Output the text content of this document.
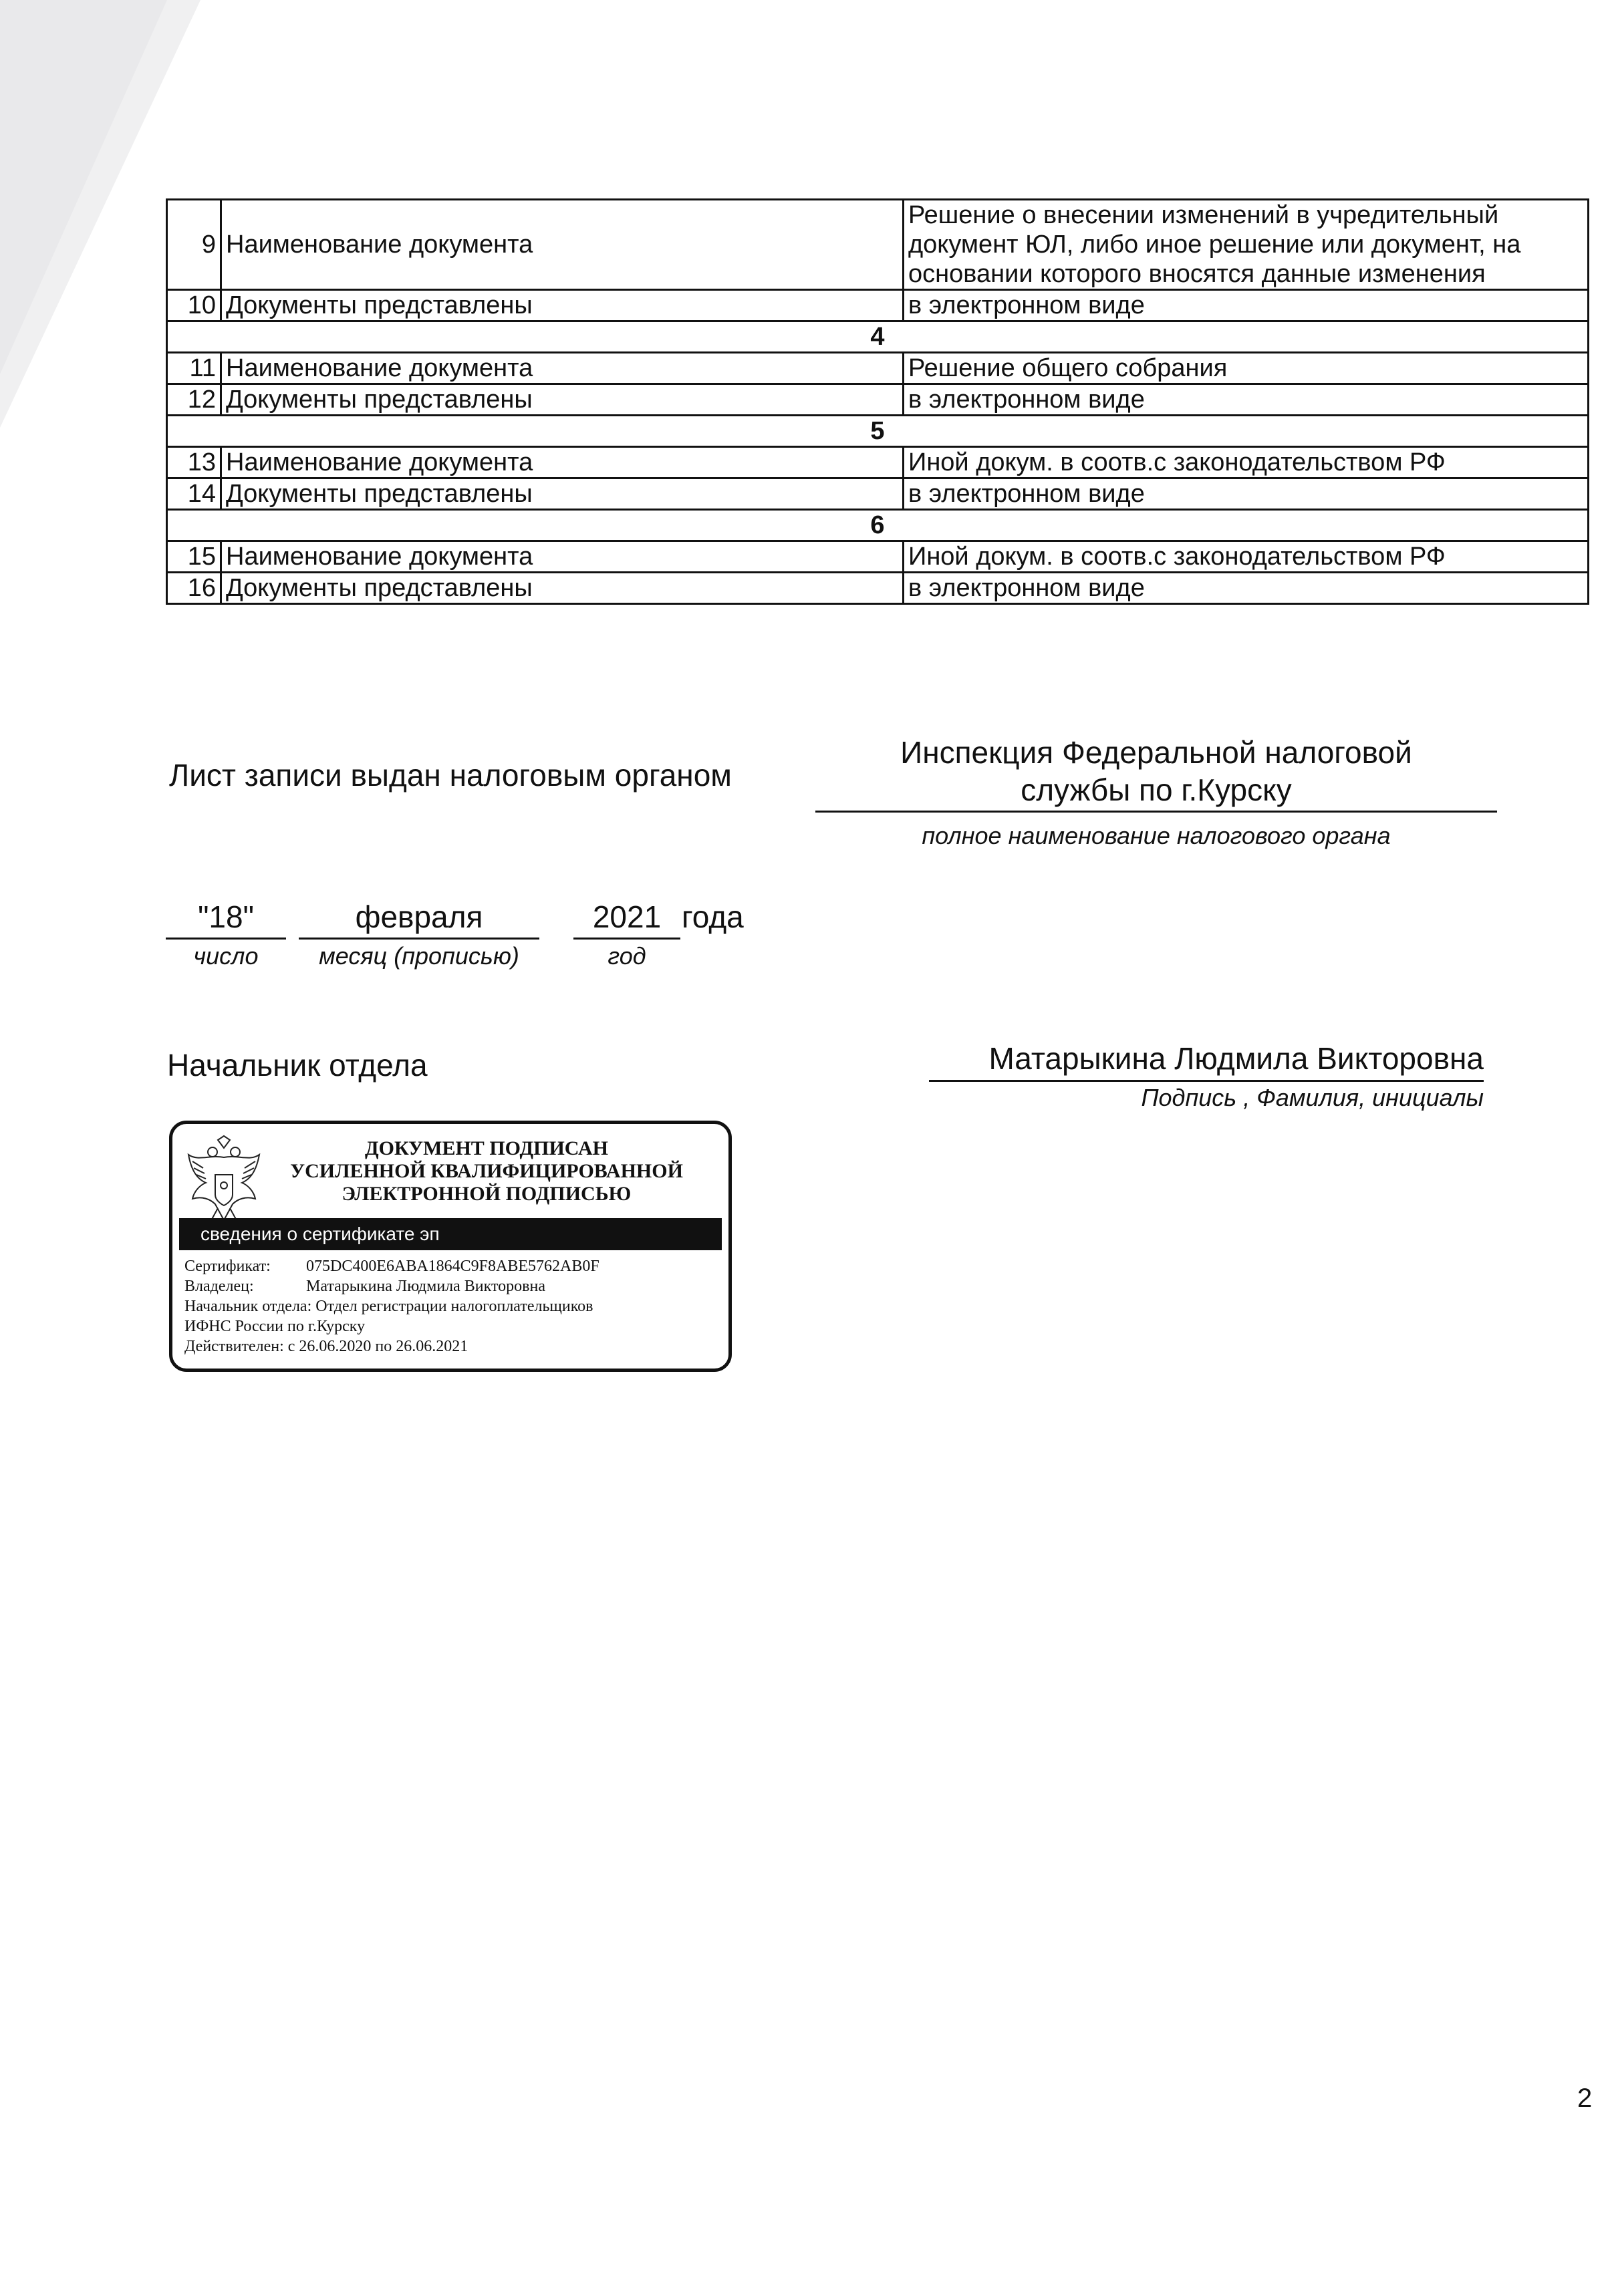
9	Наименование документа	Решение о внесении изменений в учредительный
документ ЮЛ, либо иное решение или документ, на
основании которого вносятся данные изменения

10	Документы представлены	в электронном виде

4		
11	Наименование документа	Решение общего собрания

12	Документы представлены	в электронном виде

5		
13	Наименование документа	Иной докум. в соотв.с законодательством РФ

14	Документы представлены	в электронном виде

6		
15	Наименование документа	Иной докум. в соотв.с законодательством РФ

16	Документы представлены	в электронном виде
Лист записи выдан налоговым органом
Инспекция Федеральной налоговой
службы по г.Курску
полное наименование налогового органа
"18"
число
февраля
месяц (прописью)
2021 года
год
Начальник отдела	Матарыкина Людмила Викторовна
Подпись , Фамилия, инициалы
ДОКУМЕНТ ПОДПИСАН
УСИЛЕННОЙ КВАЛИФИЦИРОВАННОЙ
ЭЛЕКТРОННОЙ ПОДПИСЬЮ
сведения о сертификате эп
Сертификат: 075DC400E6ABA1864C9F8ABE5762AB0F
Владелец:	Матарыкина Людмила Викторовна
Начальник отдела: Отдел регистрации налогоплательщиков
ИФНС России по г.Курску
Действителен: с 26.06.2020 по 26.06.2021
2
